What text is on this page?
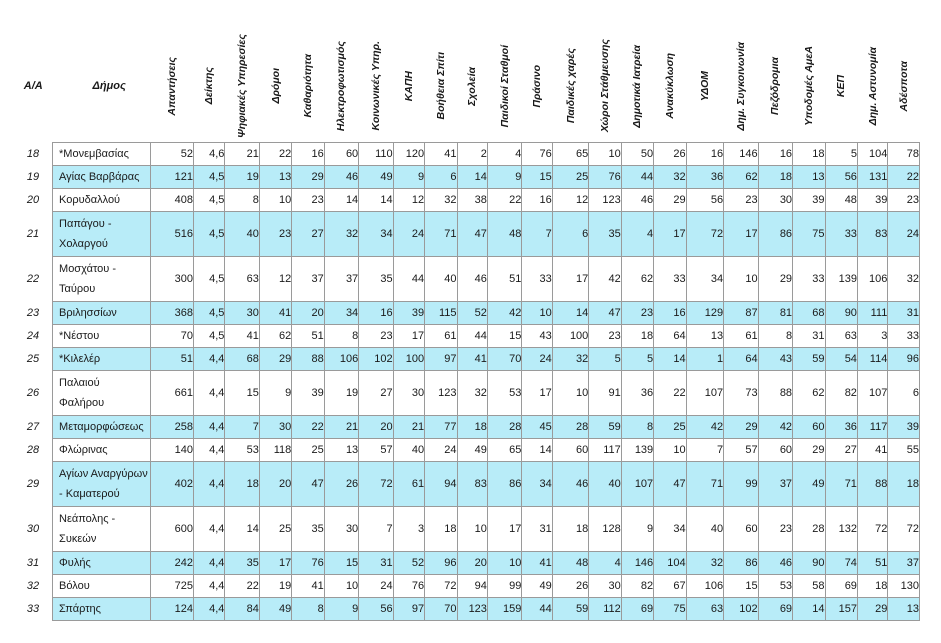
Α/Α	Δήμος	Απαντήσεις	Δείκτης	Ψηφιακές Υπηρεσίες	Δρόμοι	Καθαριότητα	Ηλεκτροφωτισμός	Κοινωνικές Υπηρ.	ΚΑΠΗ	Βοήθεια Σπίτι	Σχολεία	Παιδικοί Σταθμοί	Πράσινο	Παιδικές χαρές	Χώροι Στάθμευσης	Δημοτικά Ιατρεία	Ανακύκλωση	ΥΔΟΜ	Δημ. Συγκοινωνία	Πεζόδρομια	Υποδομές ΑμεΑ	ΚΕΠ	Δημ. Αστυνομία	Αδέσποτα

18	*Μονεμβασίας	52	4,6	21	22	16	60	110	120	41	2	4	76	65	10	50	26	16	146	16	18	5	104	78
19	Αγίας Βαρβάρας	121	4,5	19	13	29	46	49	9	6	14	9	15	25	76	44	32	36	62	18	13	56	131	22
20	Κορυδαλλού	408	4,5	8	10	23	14	14	12	32	38	22	16	12	123	46	29	56	23	30	39	48	39	23
21	Παπάγου -
Χολαργού	516	4,5	40	23	27	32	34	24	71	47	48	7	6	35	4	17	72	17	86	75	33	83	24
22	Μοσχάτου -
Ταύρου	300	4,5	63	12	37	37	35	44	40	46	51	33	17	42	62	33	34	10	29	33	139	106	32
23	Βριλησσίων	368	4,5	30	41	20	34	16	39	115	52	42	10	14	47	23	16	129	87	81	68	90	111	31
24	*Νέστου	70	4,5	41	62	51	8	23	17	61	44	15	43	100	23	18	64	13	61	8	31	63	3	33
25	*Κιλελέρ	51	4,4	68	29	88	106	102	100	97	41	70	24	32	5	5	14	1	64	43	59	54	114	96
26	Παλαιού
Φαλήρου	661	4,4	15	9	39	19	27	30	123	32	53	17	10	91	36	22	107	73	88	62	82	107	6
27	Μεταμορφώσεως	258	4,4	7	30	22	21	20	21	77	18	28	45	28	59	8	25	42	29	42	60	36	117	39
28	Φλώρινας	140	4,4	53	118	25	13	57	40	24	49	65	14	60	117	139	10	7	57	60	29	27	41	55
29	Αγίων Αναργύρων
- Καματερού	402	4,4	18	20	47	26	72	61	94	83	86	34	46	40	107	47	71	99	37	49	71	88	18
30	Νεάπολης -
Συκεών	600	4,4	14	25	35	30	7	3	18	10	17	31	18	128	9	34	40	60	23	28	132	72	72
31	Φυλής	242	4,4	35	17	76	15	31	52	96	20	10	41	48	4	146	104	32	86	46	90	74	51	37
32	Βόλου	725	4,4	22	19	41	10	24	76	72	94	99	49	26	30	82	67	106	15	53	58	69	18	130
33	Σπάρτης	124	4,4	84	49	8	9	56	97	70	123	159	44	59	112	69	75	63	102	69	14	157	29	13
